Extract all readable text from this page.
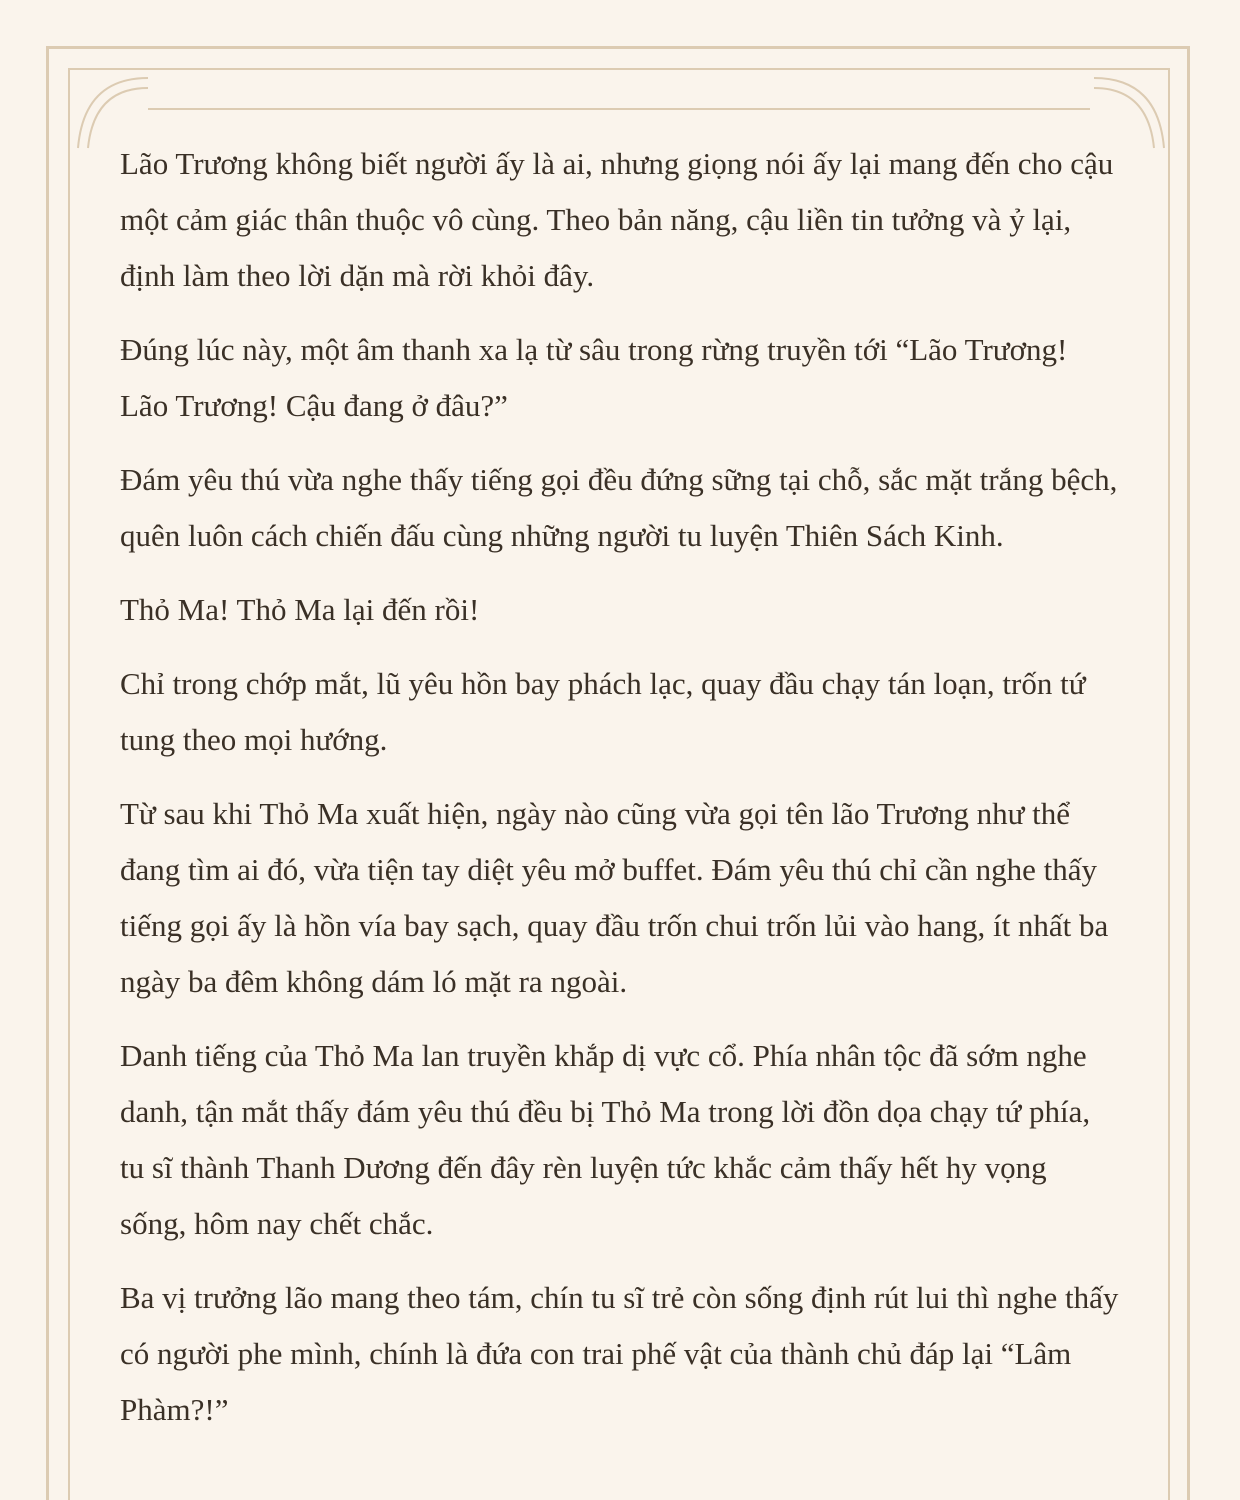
Lão Trương không biết người ấy là ai, nhưng giọng nói ấy lại mang đến cho cậu một cảm giác thân thuộc vô cùng. Theo bản năng, cậu liền tin tưởng và ỷ lại, định làm theo lời dặn mà rời khỏi đây.

Đúng lúc này, một âm thanh xa lạ từ sâu trong rừng truyền tới “Lão Trương! Lão Trương! Cậu đang ở đâu?”

Đám yêu thú vừa nghe thấy tiếng gọi đều đứng sững tại chỗ, sắc mặt trắng bệch, quên luôn cách chiến đấu cùng những người tu luyện Thiên Sách Kinh.

Thỏ Ma! Thỏ Ma lại đến rồi!

Chỉ trong chớp mắt, lũ yêu hồn bay phách lạc, quay đầu chạy tán loạn, trốn tứ tung theo mọi hướng.

Từ sau khi Thỏ Ma xuất hiện, ngày nào cũng vừa gọi tên lão Trương như thể đang tìm ai đó, vừa tiện tay diệt yêu mở buffet. Đám yêu thú chỉ cần nghe thấy tiếng gọi ấy là hồn vía bay sạch, quay đầu trốn chui trốn lủi vào hang, ít nhất ba ngày ba đêm không dám ló mặt ra ngoài.

Danh tiếng của Thỏ Ma lan truyền khắp dị vực cổ. Phía nhân tộc đã sớm nghe danh, tận mắt thấy đám yêu thú đều bị Thỏ Ma trong lời đồn dọa chạy tứ phía, tu sĩ thành Thanh Dương đến đây rèn luyện tức khắc cảm thấy hết hy vọng sống, hôm nay chết chắc.

Ba vị trưởng lão mang theo tám, chín tu sĩ trẻ còn sống định rút lui thì nghe thấy có người phe mình, chính là đứa con trai phế vật của thành chủ đáp lại “Lâm Phàm?!”
